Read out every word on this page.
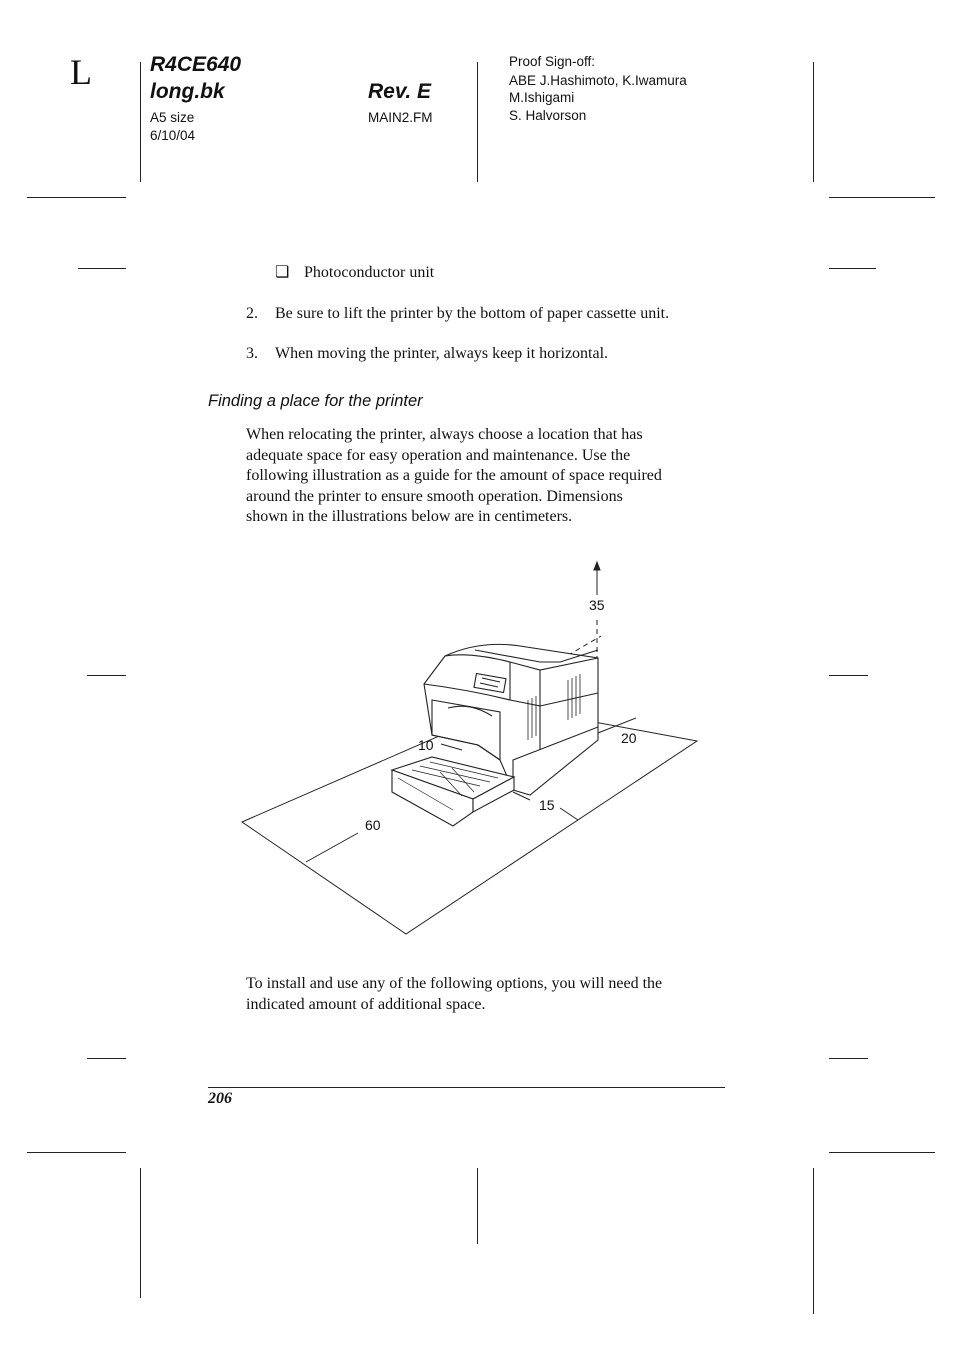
L	R4CE640
long.bk
A5 size
6/10/04
Rev. E
MAIN2.FM
Proof Sign-off:
ABE J.Hashimoto, K.Iwamura
M.Ishigami
S. Halvorson
❏ Photoconductor unit
2. Be sure to lift the printer by the bottom of paper cassette unit.
3. When moving the printer, always keep it horizontal.
Finding a place for the printer
When relocating the printer, always choose a location that has
adequate space for easy operation and maintenance. Use the
following illustration as a guide for the amount of space required
around the printer to ensure smooth operation. Dimensions
shown in the illustrations below are in centimeters.
35
20
10
15
60
To install and use any of the following options, you will need the
indicated amount of additional space.
206
